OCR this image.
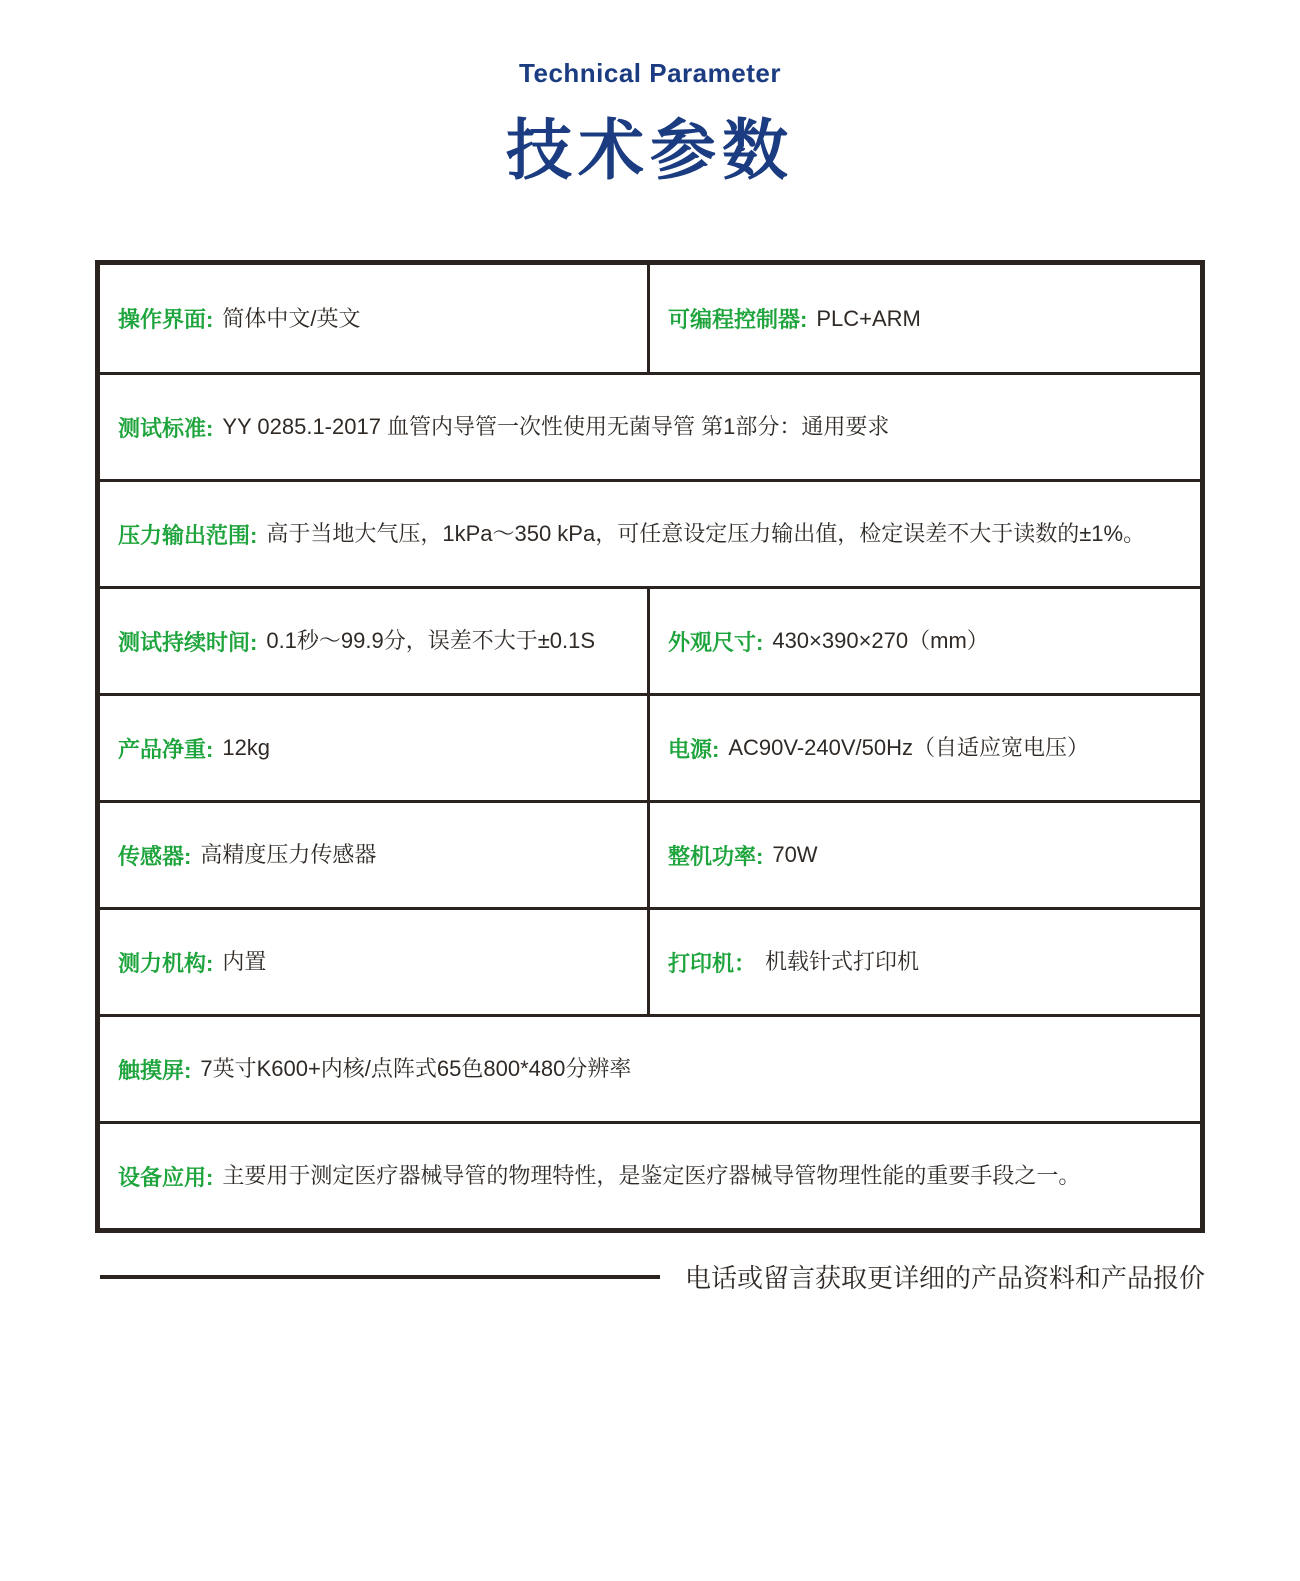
Technical Parameter
技术参数
操作界面: 简体中文/英文	可编程控制器: PLC+ARM
测试标准: YY 0285.1-2017 血管内导管一次性使用无菌导管 第1部分：通用要求
压力输出范围: 高于当地大气压，1kPa～350 kPa，可任意设定压力输出值，检定误差不大于读数的±1%。
测试持续时间: 0.1秒～99.9分，误差不大于±0.1S	外观尺寸: 430×390×270（mm）
产品净重: 12kg	电源: AC90V-240V/50Hz（自适应宽电压）
传感器: 高精度压力传感器	整机功率: 70W
测力机构: 内置	打印机： 机载针式打印机
触摸屏: 7英寸K600+内核/点阵式65色800*480分辨率
设备应用: 主要用于测定医疗器械导管的物理特性，是鉴定医疗器械导管物理性能的重要手段之一。
电话或留言获取更详细的产品资料和产品报价
